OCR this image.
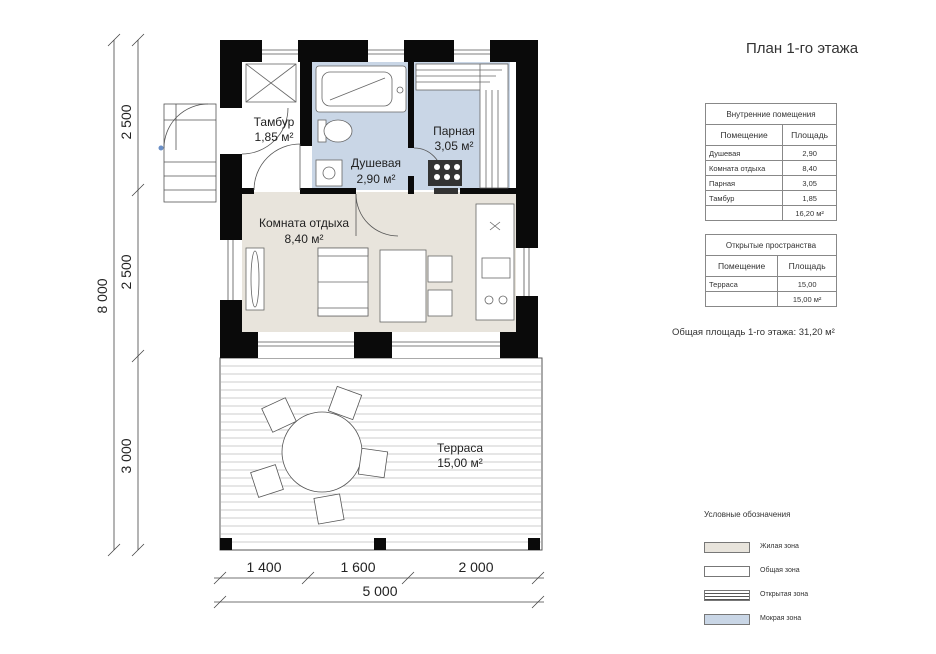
Тамбур
1,85 м²
Душевая
2,90 м²
Парная
3,05 м²
Комната отдыха
8,40 м²
Терраса
15,00 м²
2 500
2 500
3 000
8 000
1 400	1 600	2 000
5 000
План 1-го этажа
Внутренние помещения	
Помещение	Площадь
Душевая	2,90
Комната отдыха	8,40
Парная	3,05
Тамбур	1,85
	16,20 м²
Открытые пространства	
Помещение	Площадь
Терраса	15,00
	15,00 м²
Общая площадь 1-го этажа: 31,20 м²
Условные обозначения
Жилая зона
Общая зона
Открытая зона
Мокрая зона
